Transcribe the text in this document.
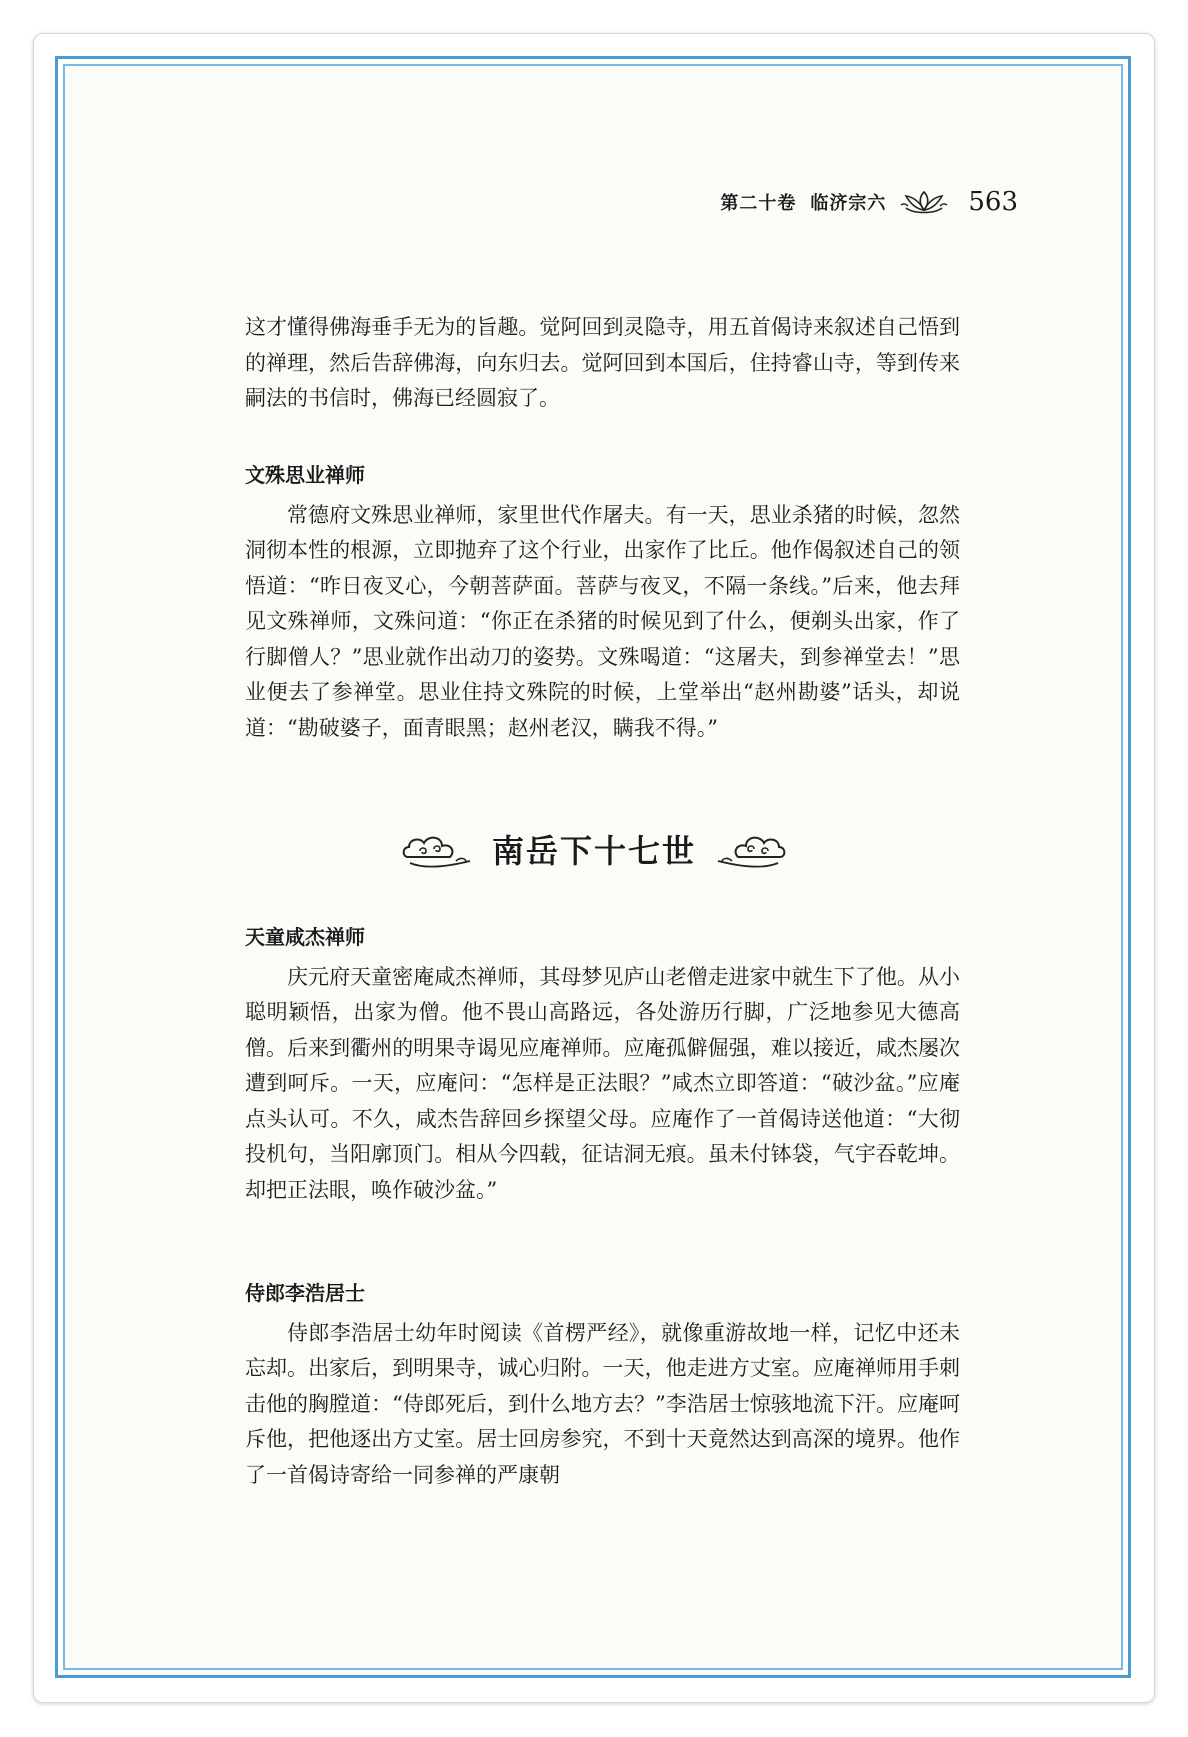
第二十卷 临济宗六	563

这才懂得佛海垂手无为的旨趣。觉阿回到灵隐寺，用五首偈诗来叙述自己悟到的禅理，然后告辞佛海，向东归去。觉阿回到本国后，住持睿山寺，等到传来嗣法的书信时，佛海已经圆寂了。

文殊思业禅师

常德府文殊思业禅师，家里世代作屠夫。有一天，思业杀猪的时候，忽然洞彻本性的根源，立即抛弃了这个行业，出家作了比丘。他作偈叙述自己的领悟道：“昨日夜叉心，今朝菩萨面。菩萨与夜叉，不隔一条线。”后来，他去拜见文殊禅师，文殊问道：“你正在杀猪的时候见到了什么，便剃头出家，作了行脚僧人？”思业就作出动刀的姿势。文殊喝道：“这屠夫，到参禅堂去！”思业便去了参禅堂。思业住持文殊院的时候，上堂举出“赵州勘婆”话头，却说道：“勘破婆子，面青眼黑；赵州老汉，瞒我不得。”

南岳下十七世

天童咸杰禅师

庆元府天童密庵咸杰禅师，其母梦见庐山老僧走进家中就生下了他。从小聪明颖悟，出家为僧。他不畏山高路远，各处游历行脚，广泛地参见大德高僧。后来到衢州的明果寺谒见应庵禅师。应庵孤僻倔强，难以接近，咸杰屡次遭到呵斥。一天，应庵问：“怎样是正法眼？”咸杰立即答道：“破沙盆。”应庵点头认可。不久，咸杰告辞回乡探望父母。应庵作了一首偈诗送他道：“大彻投机句，当阳廓顶门。相从今四载，征诘洞无痕。虽未付钵袋，气宇吞乾坤。却把正法眼，唤作破沙盆。”

侍郎李浩居士

侍郎李浩居士幼年时阅读《首楞严经》，就像重游故地一样，记忆中还未忘却。出家后，到明果寺，诚心归附。一天，他走进方丈室。应庵禅师用手刺击他的胸膛道：“侍郎死后，到什么地方去？”李浩居士惊骇地流下汗。应庵呵斥他，把他逐出方丈室。居士回房参究，不到十天竟然达到高深的境界。他作了一首偈诗寄给一同参禅的严康朝
